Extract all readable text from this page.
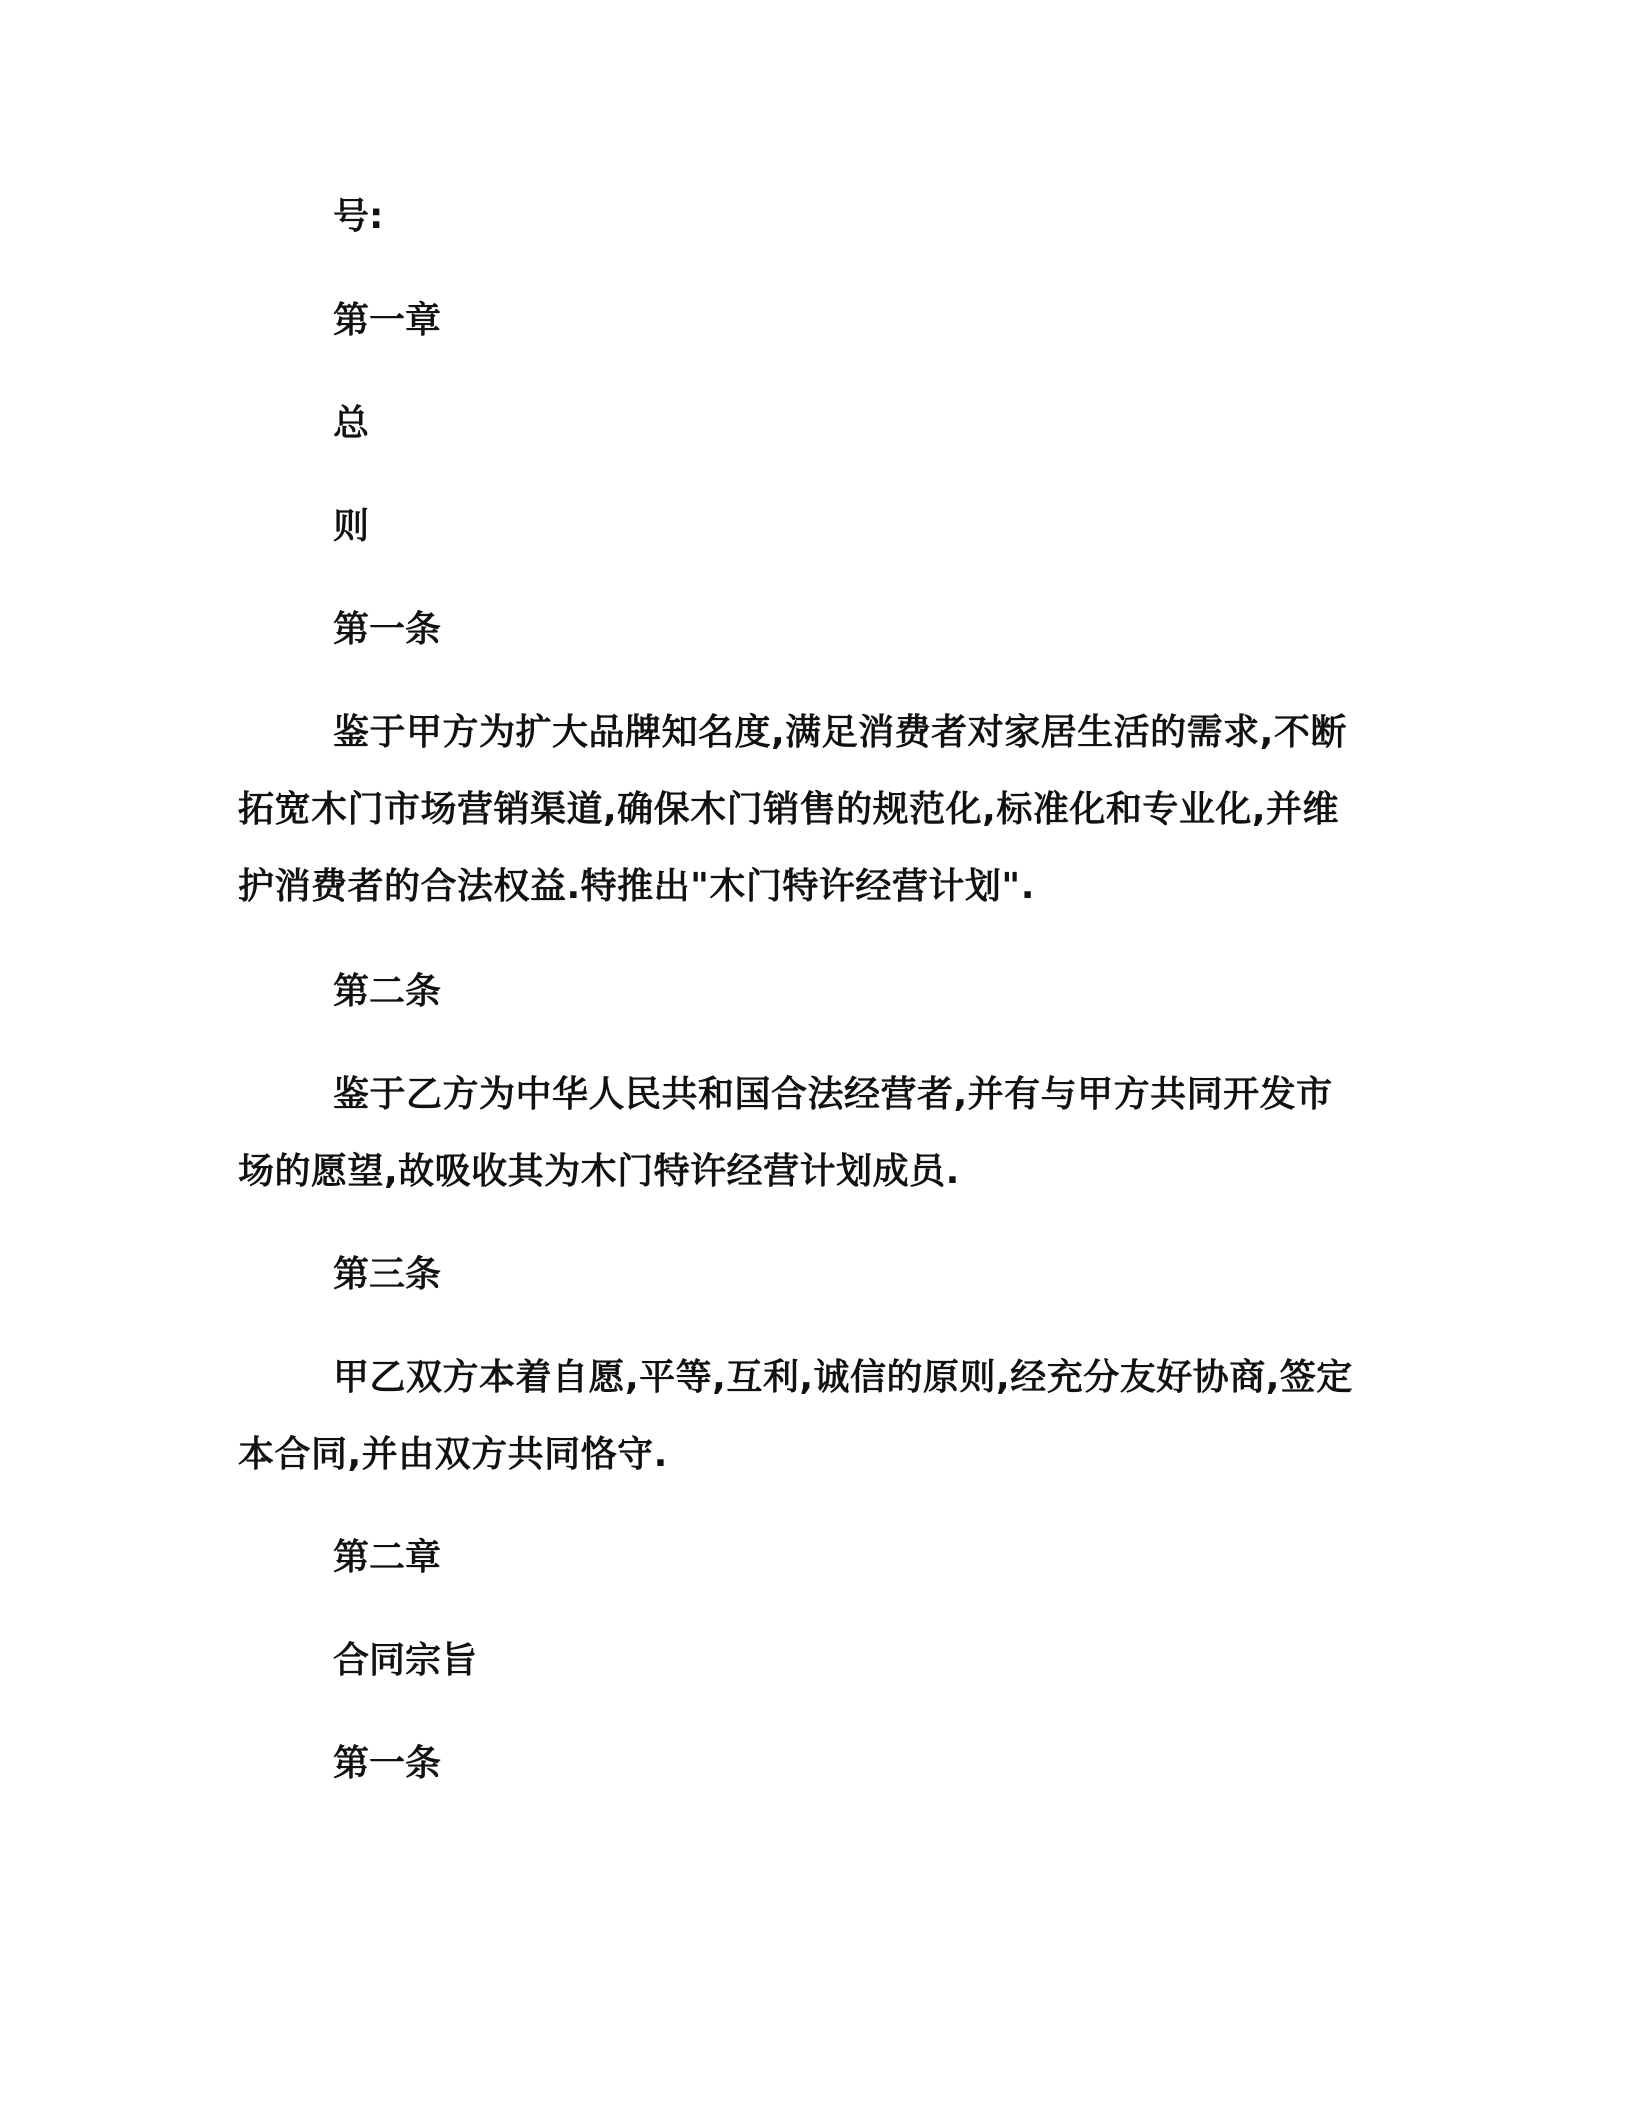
号:

第一章

总

则

第一条

鉴于甲方为扩大品牌知名度,满足消费者对家居生活的需求,不断拓宽木门市场营销渠道,确保木门销售的规范化,标准化和专业化,并维护消费者的合法权益.特推出"木门特许经营计划".

第二条

鉴于乙方为中华人民共和国合法经营者,并有与甲方共同开发市场的愿望,故吸收其为木门特许经营计划成员.

第三条

甲乙双方本着自愿,平等,互利,诚信的原则,经充分友好协商,签定本合同,并由双方共同恪守.

第二章

合同宗旨

第一条
